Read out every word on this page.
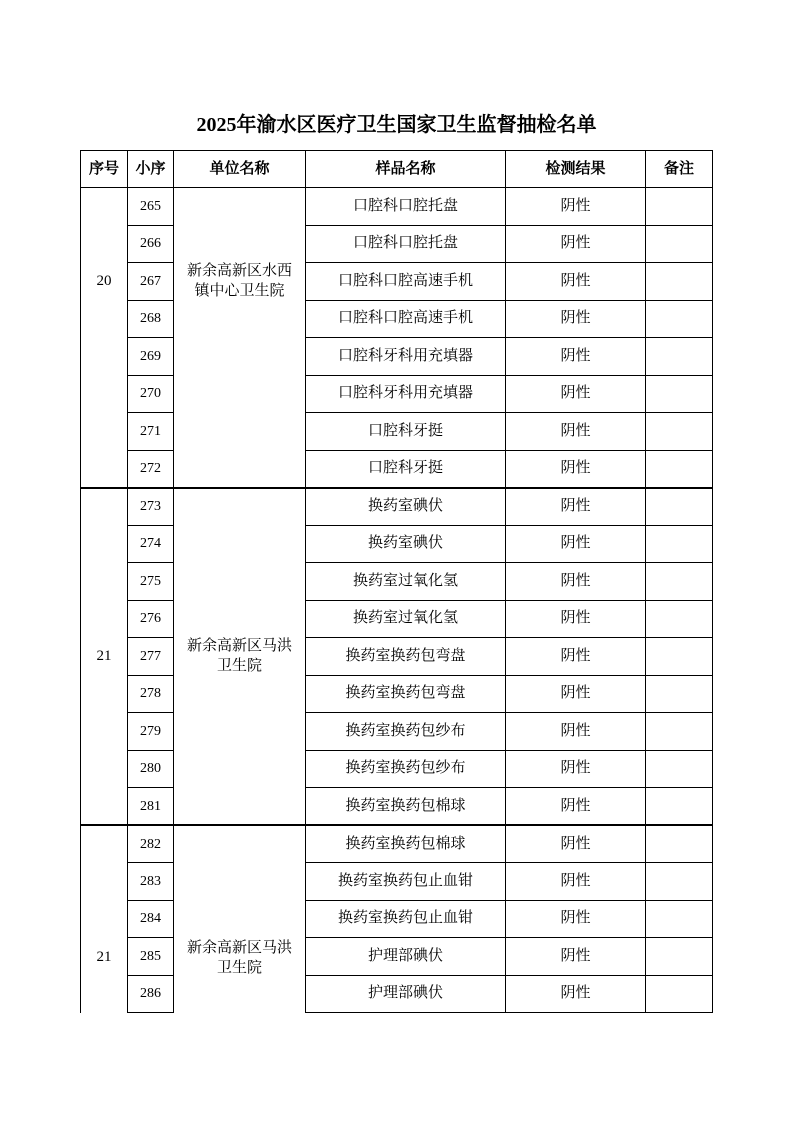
2025年渝水区医疗卫生国家卫生监督抽检名单
序号	小序	单位名称	样品名称	检测结果	备注
20	265	新余高新区水西镇中心卫生院	口腔科口腔托盘	阴性	
	266		口腔科口腔托盘	阴性	
	267		口腔科口腔高速手机	阴性	
	268		口腔科口腔高速手机	阴性	
	269		口腔科牙科用充填器	阴性	
	270		口腔科牙科用充填器	阴性	
	271		口腔科牙挺	阴性	
	272		口腔科牙挺	阴性	
21	273	新余高新区马洪卫生院	换药室碘伏	阴性	
	274		换药室碘伏	阴性	
	275		换药室过氧化氢	阴性	
	276		换药室过氧化氢	阴性	
	277		换药室换药包弯盘	阴性	
	278		换药室换药包弯盘	阴性	
	279		换药室换药包纱布	阴性	
	280		换药室换药包纱布	阴性	
	281		换药室换药包棉球	阴性	
21	282	新余高新区马洪卫生院	换药室换药包棉球	阴性	
	283		换药室换药包止血钳	阴性	
	284		换药室换药包止血钳	阴性	
	285		护理部碘伏	阴性	
	286		护理部碘伏	阴性	
